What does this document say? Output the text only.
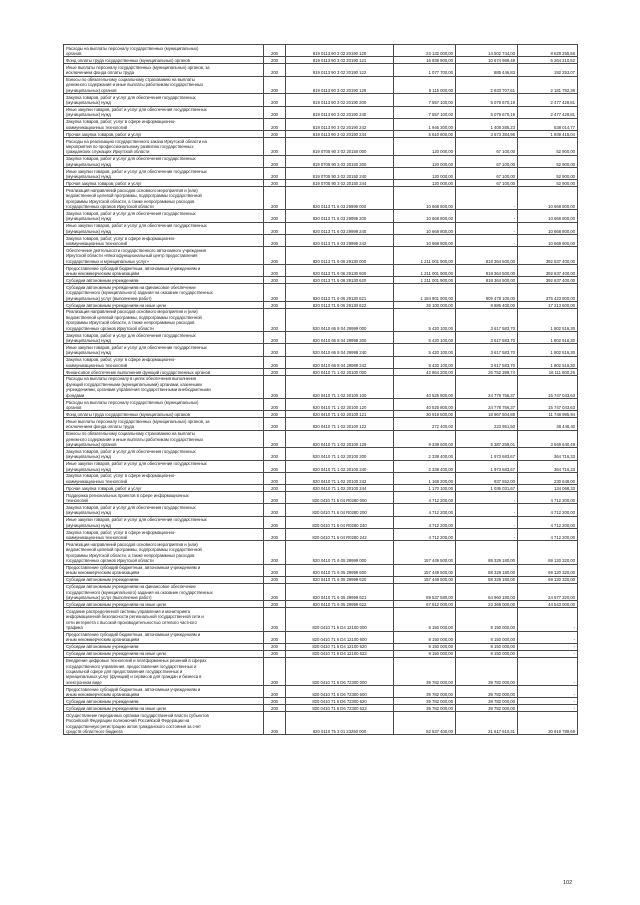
Расходы на выплаты персоналу государственных (муниципальных)
органов	200	819 0113 90 3 02 20190 120	23 132 000,00	14 502 744,00	8 629 255,56

Фонд оплаты труда государственных (муниципальных) органов	200	819 0113 90 3 02 20190 121	16 939 900,00	10 674 989,48	6 264 210,52

Иные выплаты персоналу государственных (муниципальных) органов, за
исключением фонда оплаты труда	200	819 0113 90 3 02 20190 122	1 077 700,00	885 446,83	192 253,07

Взносы по обязательному социальному страхованию на выплаты
денежного содержания и иные выплаты работникам государственных
(муниципальных) органов	200	819 0113 90 3 02 20190 129	5 115 000,00	2 933 707,61	2 181 792,36

Закупка товаров, работ и услуг для обеспечения государственных
(муниципальных) нужд	200	819 0113 90 3 02 20190 200	7 557 100,00	5 079 670,19	2 477 429,81

Иные закупки товаров, работ и услуг для обеспечения государственных
(муниципальных) нужд	200	819 0113 90 3 02 20190 240	7 557 100,00	5 079 670,19	2 477 429,81

Закупка товаров, работ, услуг в сфере информационно-
коммуникационных технологий	200	819 0113 90 3 02 20190 242	1 946 300,00	1 408 285,23	538 014,77

Прочая закупка товаров, работ и услуг	200	819 0113 90 3 02 20190 244	5 610 800,00	3 673 384,96	1 939 415,04

Расходы на реализацию государственного заказа Иркутской области на
мероприятия по профессиональному развитию государственных
гражданских служащих Иркутской области	200	819 0705 90 3 02 20150 000	120 000,00	67 100,00	52 900,00

Закупка товаров, работ и услуг для обеспечения государственных
(муниципальных) нужд	200	819 0705 90 3 02 20150 200	120 000,00	67 100,00	52 900,00

Иные закупки товаров, работ и услуг для обеспечения государственных
(муниципальных) нужд	200	819 0705 90 3 02 20150 240	120 000,00	67 100,00	52 900,00

Прочая закупка товаров, работ и услуг	200	819 0705 90 3 02 20150 244	120 000,00	67 100,00	52 900,00

Реализация направлений расходов основного мероприятия и (или)
ведомственной целевой программы, подпрограммы государственной
программы Иркутской области, а также непрограммных расходов
государственных органов Иркутской области	200	820 0113 71 6 03 29999 000	10 668 800,00	-	10 668 800,00

Закупка товаров, работ и услуг для обеспечения государственных
(муниципальных) нужд	200	820 0113 71 6 03 29999 200	10 668 800,00	-	10 668 800,00

Иные закупки товаров, работ и услуг для обеспечения государственных
(муниципальных) нужд	200	820 0113 71 6 03 29999 240	10 668 800,00	-	10 668 800,00

Закупка товаров, работ, услуг в сфере информационно-
коммуникационных технологий	200	820 0113 71 6 03 29999 242	10 668 800,00	-	10 668 800,00

Обеспечение деятельности государственного автономного учреждения
Иркутской области «Многофункциональный центр предоставления
государственных и муниципальных услуг»	200	820 0113 71 6 06 29130 000	1 211 001 900,00	818 364 500,00	392 637 400,00

Предоставление субсидий бюджетным, автономным учреждениям и
иным некоммерческим организациям	200	820 0113 71 6 06 29130 600	1 211 001 900,00	818 364 500,00	392 637 400,00

Субсидии автономным учреждениям	200	820 0113 71 6 06 29130 620	1 211 001 900,00	818 364 500,00	392 637 400,00

Субсидии автономным учреждениям на финансовое обеспечение
государственного (муниципального) задания на оказание государственных
(муниципальных) услуг (выполнение работ)	200	820 0113 71 6 06 29130 621	1 184 901 900,00	809 478 100,00	375 423 800,00

Субсидии автономным учреждениям на иные цели	200	820 0113 71 6 06 29130 622	26 100 000,00	8 886 400,00	17 213 600,00

Реализация направлений расходов основного мероприятия и (или)
ведомственной целевой программы, подпрограммы государственной
программы Иркутской области, а также непрограммных расходов
государственных органов Иркутской области	200	820 0410 66 8 04 29999 000	5 420 100,00	3 617 583,70	1 802 516,30

Закупка товаров, работ и услуг для обеспечения государственных
(муниципальных) нужд	200	820 0410 66 8 04 29999 200	5 420 100,00	3 617 583,70	1 802 516,30

Иные закупки товаров, работ и услуг для обеспечения государственных
(муниципальных) нужд	200	820 0410 66 8 04 29999 240	5 420 100,00	3 617 583,70	1 802 516,30

Закупка товаров, работ, услуг в сфере информационно-
коммуникационных технологий	200	820 0410 66 8 04 29999 242	5 420 100,00	3 617 583,70	1 802 516,30

Финансовое обеспечение выполнения функций государственных органов	200	820 0410 71 1 02 20100 000	42 864 200,00	26 752 399,74	16 111 800,26

Расходы на выплаты персоналу в целях обеспечения выполнения
функций государственными (муниципальными) органами, казенными
учреждениями, органами управления государственными внебюджетными
фондами	200	820 0410 71 1 02 20100 100	40 525 800,00	24 778 756,37	15 747 043,63

Расходы на выплаты персоналу государственных (муниципальных)
органов	200	820 0410 71 1 02 20100 120	40 525 800,00	24 778 756,37	15 747 043,63

Фонд оплаты труда государственных (муниципальных) органов	200	820 0410 71 1 02 20100 121	30 918 500,00	18 967 504,88	11 748 995,94

Иные выплаты персоналу государственных (муниципальных) органов, за
исключением фонда оплаты труда	200	820 0410 71 1 02 20100 122	272 400,00	223 951,50	48 448,40

Взносы по обязательному социальному страхованию на выплаты
денежного содержания и иные выплаты работникам государственных
(муниципальных) органов	200	820 0410 71 1 02 20100 129	9 338 600,00	5 387 259,01	3 949 640,49

Закупка товаров, работ и услуг для обеспечения государственных
(муниципальных) нужд	200	820 0410 71 1 02 20100 200	2 338 400,00	1 973 683,67	364 716,33

Иные закупки товаров, работ и услуг для обеспечения государственных
(муниципальных) нужд	200	820 0410 71 1 02 20100 240	2 338 400,00	1 973 683,67	364 716,33

Закупка товаров, работ, услуг в сфере информационно-
коммуникационных технологий	200	820 0410 71 1 02 20100 242	1 168 200,00	937 652,00	230 648,00

Прочая закупка товаров, работ и услуг	200	820 0410 71 1 02 20100 244	1 170 100,00	1 036 031,67	134 068,33

Поддержка региональных проектов в сфере информационных
технологий	200	820 0410 71 6 04 R0280 000	4 712 200,00	-	4 712 200,00

Закупка товаров, работ и услуг для обеспечения государственных
(муниципальных) нужд	200	820 0410 71 6 04 R0280 200	4 712 200,00	-	4 712 200,00

Иные закупки товаров, работ и услуг для обеспечения государственных
(муниципальных) нужд	200	820 0410 71 6 04 R0280 240	4 712 200,00	-	4 712 200,00

Закупка товаров, работ, услуг в сфере информационно-
коммуникационных технологий	200	820 0410 71 6 04 R0280 242	4 712 200,00	-	4 712 200,00

Реализация направлений расходов основного мероприятия и (или)
ведомственной целевой программы, подпрограммы государственной
программы Иркутской области, а также непрограммных расходов
государственных органов Иркутской области	200	820 0410 71 6 05 29999 000	157 449 500,00	88 329 180,00	69 120 320,00

Предоставление субсидий бюджетным, автономным учреждениям и
иным некоммерческим организациям	200	820 0410 71 6 05 29999 600	157 449 500,00	88 329 180,00	69 120 320,00

Субсидии автономным учреждениям	200	820 0410 71 6 05 29999 620	157 449 500,00	88 329 180,00	69 120 320,00

Субсидии автономным учреждениям на финансовое обеспечение
государственного (муниципального) задания на оказание государственных
(муниципальных) услуг (выполнение работ)	200	820 0410 71 6 05 29999 621	89 537 580,00	64 960 180,00	24 577 320,00

Субсидии автономным учреждениям на иные цели	200	820 0410 71 6 05 29999 622	67 912 000,00	23 369 000,00	44 543 000,00

Создание распределенной системы управления и мониторинга
информационной безопасности региональной государственной сети и
сети интернета с высокой производительностью сетевого частного
трафика	200	820 0410 71 6 D4 12100 000	8 150 000,00	8 150 000,00	-

Предоставление субсидий бюджетным, автономным учреждениям и
иным некоммерческим организациям	200	820 0410 71 6 D4 12100 600	8 150 000,00	8 150 000,00	-

Субсидии автономным учреждениям	200	820 0410 71 6 D4 12100 620	8 150 000,00	8 150 000,00	-

Субсидии автономным учреждениям на иные цели	200	820 0410 71 6 D4 12100 622	8 150 000,00	8 150 000,00	-

Внедрение цифровых технологий и платформенных решений в сферах
государственного управления, предоставления государственных и
социальной сфере для предоставления государственных и
муниципальных услуг (функций) и сервисов для граждан и бизнеса в
электронном виде	200	820 0410 71 6 D6 72300 000	39 782 000,00	39 782 000,00	-

Предоставление субсидий бюджетным, автономным учреждениям и
иным некоммерческим организациям	200	820 0410 71 6 D6 72300 600	39 782 000,00	39 782 000,00	-

Субсидии автономным учреждениям	200	820 0410 71 6 D6 72300 620	39 782 000,00	39 782 000,00	-

Субсидии автономным учреждениям на иные цели	200	820 0410 71 6 D6 72300 622	39 782 000,00	39 782 000,00	-

Осуществление переданных органам государственной власти субъектов
Российской Федерации полномочий Российской Федерации на
государственную регистрацию актов гражданского состояния за счет
средств областного бюджета	200	820 0110 75 3 01 23250 000	52 537 400,00	21 617 610,31	30 919 789,69
102
